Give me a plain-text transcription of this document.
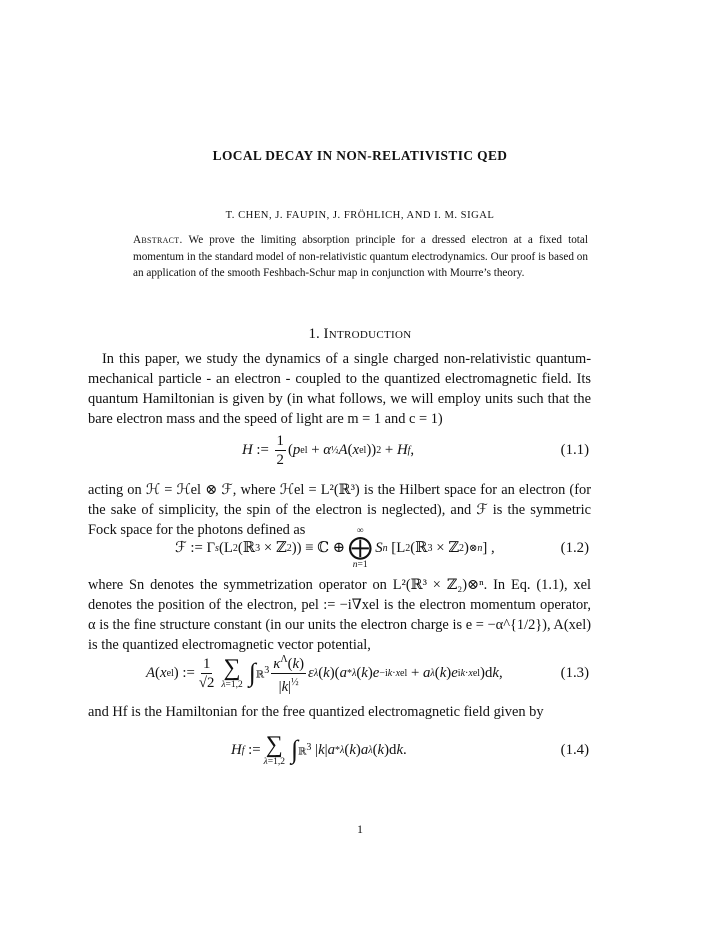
LOCAL DECAY IN NON-RELATIVISTIC QED
T. CHEN, J. FAUPIN, J. FRÖHLICH, AND I. M. SIGAL
Abstract. We prove the limiting absorption principle for a dressed electron at a fixed total momentum in the standard model of non-relativistic quantum electrodynamics. Our proof is based on an application of the smooth Feshbach-Schur map in conjunction with Mourre’s theory.
1. Introduction
In this paper, we study the dynamics of a single charged non-relativistic quantum-mechanical particle - an electron - coupled to the quantized electromagnetic field. Its quantum Hamiltonian is given by (in what follows, we will employ units such that the bare electron mass and the speed of light are m = 1 and c = 1)
H := $\frac{1}{2}$ ( p el + α ½ A ( x el )) 2 + H f ,	(1.1)
acting on ℋ = ℋel ⊗ ℱ, where ℋel = L²(ℝ³) is the Hilbert space for an electron (for the sake of simplicity, the spin of the electron is neglected), and ℱ is the symmetric Fock space for the photons defined as
ℱ := Γ s (L 2 (ℝ 3 × ℤ 2 )) ≡ ℂ ⊕
∞
⨁
n=1
S n [L 2 (ℝ 3 × ℤ 2 ) ⊗n ] ,	(1.2)
where Sn denotes the symmetrization operator on L²(ℝ³ × ℤ₂)⊗ⁿ. In Eq. (1.1), xel denotes the position of the electron, pel := −i∇xel is the electron momentum operator, α is the fine structure constant (in our units the electron charge is e = −α^{1/2}), A(xel) is the quantized electromagnetic vector potential,
A ( x el ) := $\frac{1}{√2}$ ∑
λ=1,2 ∫ ℝ$^3$ $\frac{\kappa^\Lambda(k)}{|k|^{\frac{1}{2}}}$ ε λ ( k )( a * λ ( k ) e −ik·xel + a λ ( k ) e ik·xel )d k ,	(1.3)
and Hf is the Hamiltonian for the free quantized electromagnetic field given by
H f := ∑
λ=1,2 ∫ ℝ$^3$ | k | a * λ ( k ) a λ ( k )d k .	(1.4)
1
